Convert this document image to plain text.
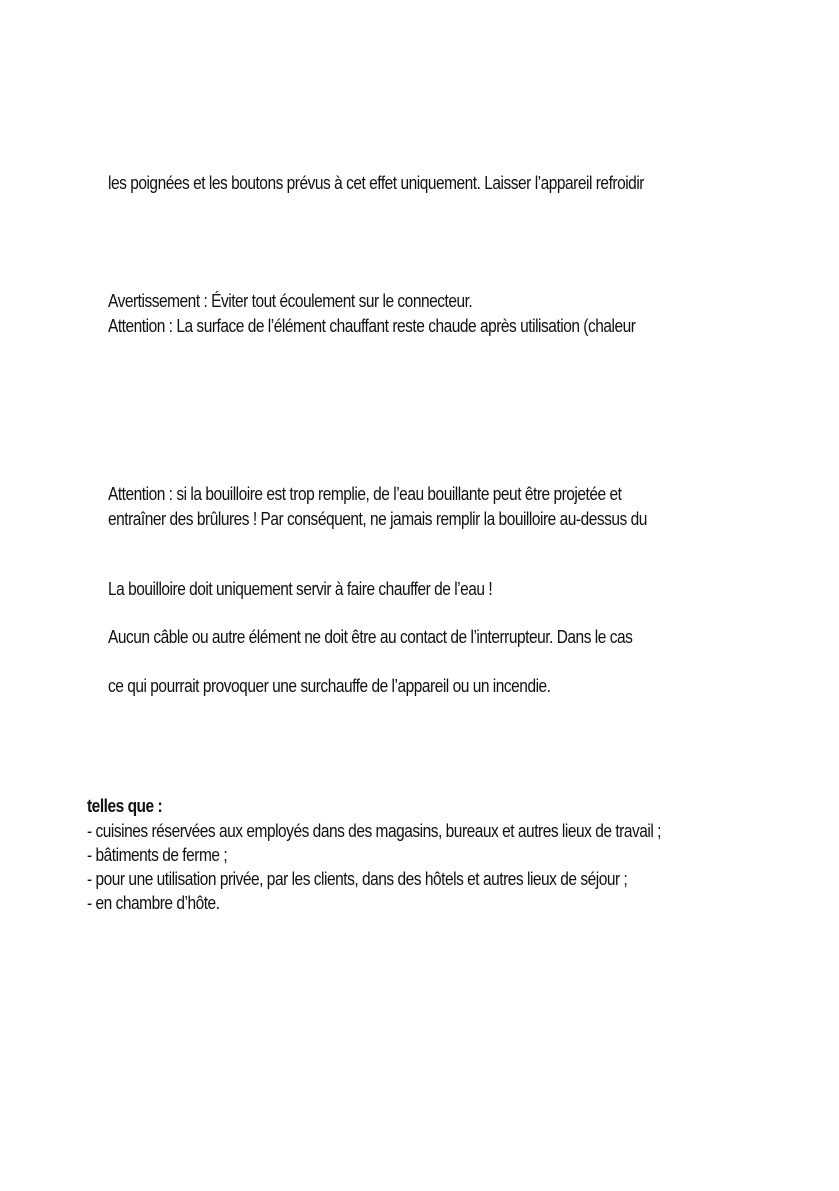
les poignées et les boutons prévus à cet effet uniquement. Laisser l’appareil refroidir
Avertissement : Éviter tout écoulement sur le connecteur.
Attention : La surface de l’élément chauffant reste chaude après utilisation (chaleur
Attention : si la bouilloire est trop remplie, de l’eau bouillante peut être projetée et
entraîner des brûlures ! Par conséquent, ne jamais remplir la bouilloire au-dessus du
La bouilloire doit uniquement servir à faire chauffer de l’eau !
Aucun câble ou autre élément ne doit être au contact de l’interrupteur. Dans le cas
ce qui pourrait provoquer une surchauffe de l’appareil ou un incendie.
telles que :
- cuisines réservées aux employés dans des magasins, bureaux et autres lieux de travail ;
- bâtiments de ferme ;
- pour une utilisation privée, par les clients, dans des hôtels et autres lieux de séjour ;
- en chambre d’hôte.
